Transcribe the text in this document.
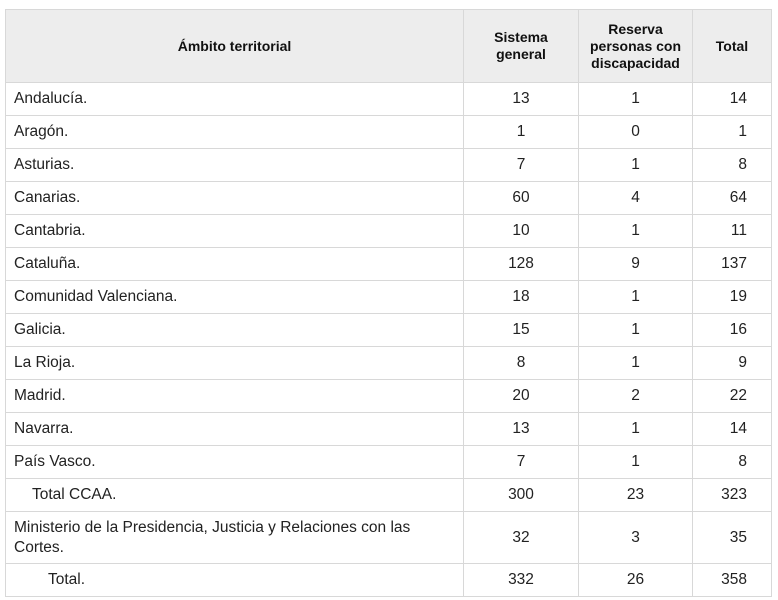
Ámbito territorial	Sistema general	Reserva personas con discapacidad	Total
Andalucía.	13	1	14
Aragón.	1	0	1
Asturias.	7	1	8
Canarias.	60	4	64
Cantabria.	10	1	11
Cataluña.	128	9	137
Comunidad Valenciana.	18	1	19
Galicia.	15	1	16
La Rioja.	8	1	9
Madrid.	20	2	22
Navarra.	13	1	14
País Vasco.	7	1	8
Total CCAA.	300	23	323
Ministerio de la Presidencia, Justicia y Relaciones con las Cortes.	32	3	35
Total.	332	26	358
